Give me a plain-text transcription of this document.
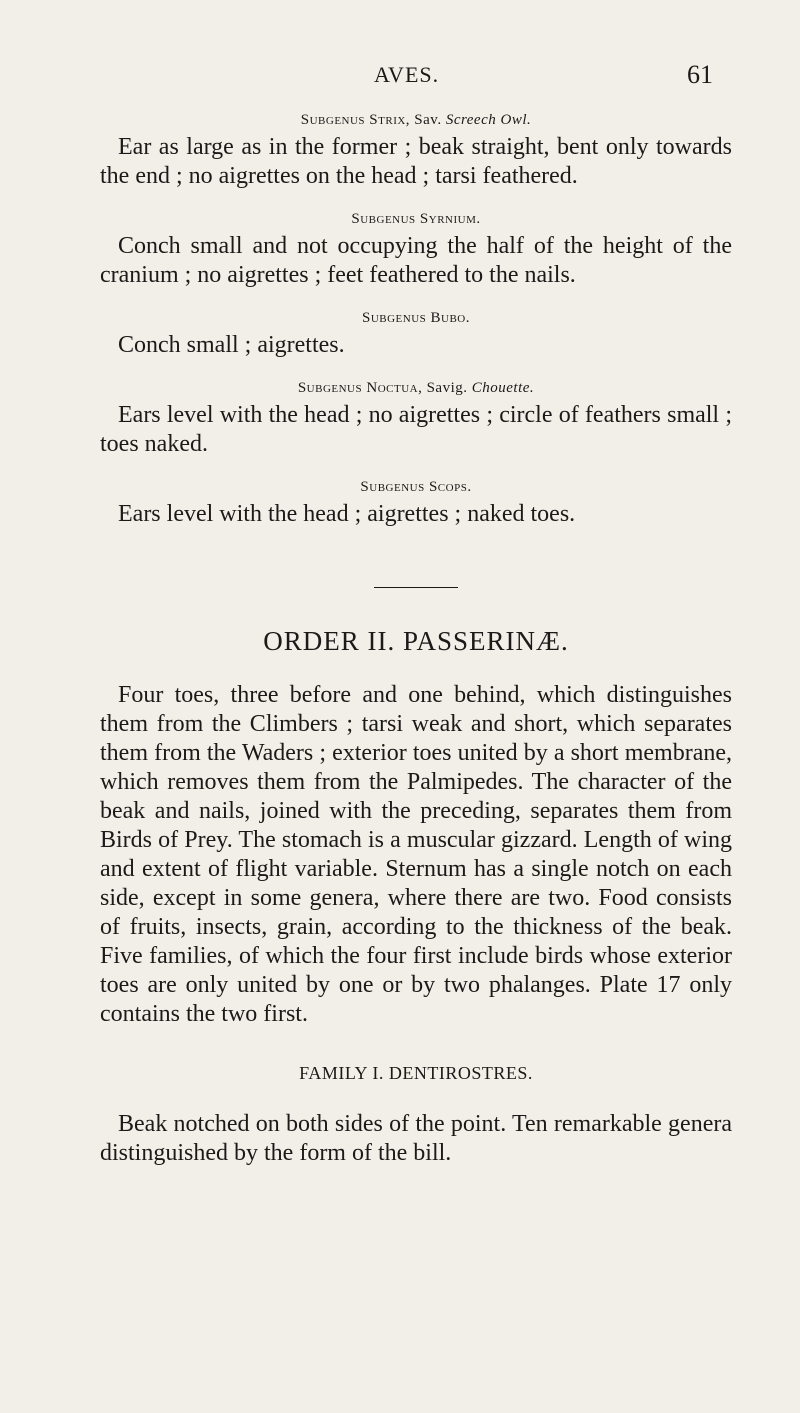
AVES.	61

Subgenus Strix, Sav. Screech Owl.

Ear as large as in the former ; beak straight, bent only towards the end ; no aigrettes on the head ; tarsi feathered.

Subgenus Syrnium.

Conch small and not occupying the half of the height of the cranium ; no aigrettes ; feet feathered to the nails.

Subgenus Bubo.

Conch small ; aigrettes.

Subgenus Noctua, Savig. Chouette.

Ears level with the head ; no aigrettes ; circle of feathers small ; toes naked.

Subgenus Scops.

Ears level with the head ; aigrettes ; naked toes.

ORDER II. PASSERINÆ.

Four toes, three before and one behind, which distinguishes them from the Climbers ; tarsi weak and short, which separates them from the Waders ; exterior toes united by a short membrane, which removes them from the Palmipedes. The character of the beak and nails, joined with the preceding, separates them from Birds of Prey. The stomach is a muscular gizzard. Length of wing and extent of flight variable. Sternum has a single notch on each side, except in some genera, where there are two. Food consists of fruits, insects, grain, according to the thickness of the beak. Five families, of which the four first include birds whose exterior toes are only united by one or by two phalanges. Plate 17 only contains the two first.

FAMILY I. DENTIROSTRES.

Beak notched on both sides of the point. Ten remarkable genera distinguished by the form of the bill.
